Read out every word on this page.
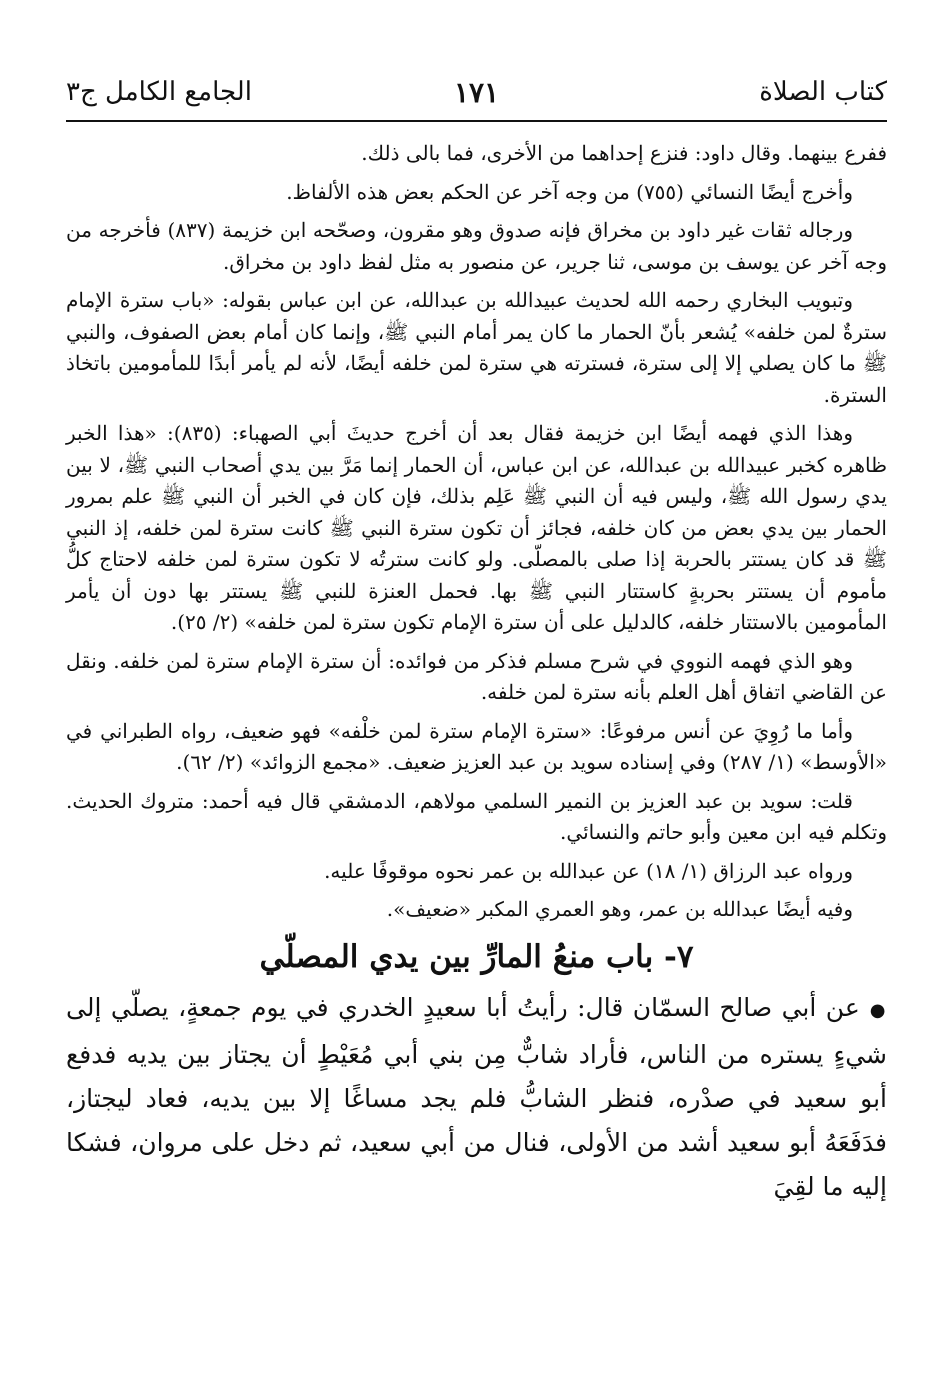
كتاب الصلاة
١٧١
الجامع الكامل ج٣

ففرع بينهما. وقال داود: فنزع إحداهما من الأخرى، فما بالى ذلك.

وأخرج أيضًا النسائي (٧٥٥) من وجه آخر عن الحكم بعض هذه الألفاظ.

ورجاله ثقات غير داود بن مخراق فإنه صدوق وهو مقرون، وصحّحه ابن خزيمة (٨٣٧) فأخرجه من وجه آخر عن يوسف بن موسى، ثنا جرير، عن منصور به مثل لفظ داود بن مخراق.

وتبويب البخاري رحمه الله لحديث عبيدالله بن عبدالله، عن ابن عباس بقوله: «باب سترة الإمام سترةٌ لمن خلفه» يُشعر بأنّ الحمار ما كان يمر أمام النبي ﷺ، وإنما كان أمام بعض الصفوف، والنبي ﷺ ما كان يصلي إلا إلى سترة، فسترته هي سترة لمن خلفه أيضًا، لأنه لم يأمر أبدًا للمأمومين باتخاذ السترة.

وهذا الذي فهمه أيضًا ابن خزيمة فقال بعد أن أخرج حديثَ أبي الصهباء: (٨٣٥): «هذا الخبر ظاهره كخبر عبيدالله بن عبدالله، عن ابن عباس، أن الحمار إنما مَرَّ بين يدي أصحاب النبي ﷺ، لا بين يدي رسول الله ﷺ، وليس فيه أن النبي ﷺ عَلِم بذلك، فإن كان في الخبر أن النبي ﷺ علم بمرور الحمار بين يدي بعض من كان خلفه، فجائز أن تكون سترة النبي ﷺ كانت سترة لمن خلفه، إذ النبي ﷺ قد كان يستتر بالحربة إذا صلى بالمصلّى. ولو كانت سترتُه لا تكون سترة لمن خلفه لاحتاج كلُّ مأموم أن يستتر بحربةٍ كاستتار النبي ﷺ بها. فحمل العنزة للنبي ﷺ يستتر بها دون أن يأمر المأمومين بالاستتار خلفه، كالدليل على أن سترة الإمام تكون سترة لمن خلفه» (٢/ ٢٥).

وهو الذي فهمه النووي في شرح مسلم فذكر من فوائده: أن سترة الإمام سترة لمن خلفه. ونقل عن القاضي اتفاق أهل العلم بأنه سترة لمن خلفه.

وأما ما رُوِيَ عن أنس مرفوعًا: «سترة الإمام سترة لمن خلْفه» فهو ضعيف، رواه الطبراني في «الأوسط» (١/ ٢٨٧) وفي إسناده سويد بن عبد العزيز ضعيف. «مجمع الزوائد» (٢/ ٦٢).

قلت: سويد بن عبد العزيز بن النمير السلمي مولاهم، الدمشقي قال فيه أحمد: متروك الحديث. وتكلم فيه ابن معين وأبو حاتم والنسائي.

ورواه عبد الرزاق (١/ ١٨) عن عبدالله بن عمر نحوه موقوفًا عليه.

وفيه أيضًا عبدالله بن عمر، وهو العمري المكبر «ضعيف».

٧- باب منعُ المارِّ بين يدي المصلّي

●عن أبي صالح السمّان قال: رأيتُ أبا سعيدٍ الخدري في يوم جمعةٍ، يصلّي إلى شيءٍ يستره من الناس، فأراد شابٌّ مِن بني أبي مُعَيْطٍ أن يجتاز بين يديه فدفع أبو سعيد في صدْره، فنظر الشابُّ فلم يجد مساغًا إلا بين يديه، فعاد ليجتاز، فدَفَعَهُ أبو سعيد أشد من الأولى، فنال من أبي سعيد، ثم دخل على مروان، فشكا إليه ما لقِيَ
